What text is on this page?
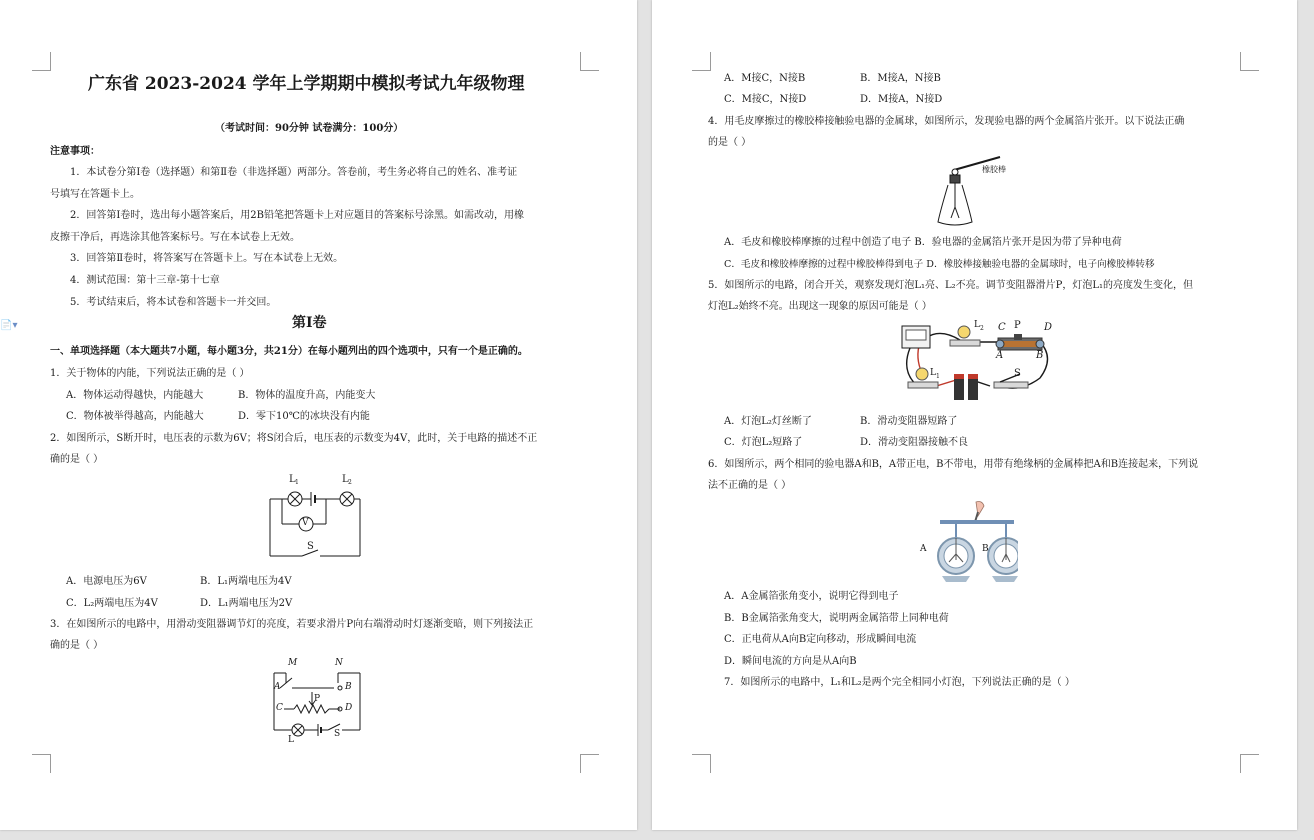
广东省 2023-2024 学年上学期期中模拟考试九年级物理
（考试时间：90分钟 试卷满分：100分）
注意事项：
1．本试卷分第Ⅰ卷（选择题）和第Ⅱ卷（非选择题）两部分。答卷前，考生务必将自己的姓名、准考证
号填写在答题卡上。
2．回答第Ⅰ卷时，选出每小题答案后，用2B铅笔把答题卡上对应题目的答案标号涂黑。如需改动，用橡
皮擦干净后，再选涂其他答案标号。写在本试卷上无效。
3．回答第Ⅱ卷时，将答案写在答题卡上。写在本试卷上无效。
4．测试范围：第十三章-第十七章
5．考试结束后，将本试卷和答题卡一并交回。
第Ⅰ卷
一、单项选择题（本大题共7小题，每小题3分，共21分）在每小题列出的四个选项中，只有一个是正确的。
1．关于物体的内能，下列说法正确的是（ ）
A．物体运动得越快，内能越大	B．物体的温度升高，内能变大
C．物体被举得越高，内能越大	D．零下10℃的冰块没有内能
2．如图所示，S断开时，电压表的示数为6V；将S闭合后，电压表的示数变为4V，此时，关于电路的描述不正
确的是（ ）
L 1	L 2
V
S
A．电源电压为6V	B．L₁两端电压为4V
C．L₂两端电压为4V	D．L₁两端电压为2V
3．在如图所示的电路中，用滑动变阻器调节灯的亮度，若要求滑片P向右端滑动时灯逐渐变暗，则下列接法正
确的是（ ）
M	N
A	B
P
C	D
L
S
📄▾
A．M接C，N接B	B．M接A，N接B
C．M接C，N接D	D．M接A，N接D
4．用毛皮摩擦过的橡胶棒接触验电器的金属球，如图所示，发现验电器的两个金属箔片张开。以下说法正确
的是（ ）
橡胶棒
A．毛皮和橡胶棒摩擦的过程中创造了电子 B．验电器的金属箔片张开是因为带了异种电荷
C．毛皮和橡胶棒摩擦的过程中橡胶棒得到电子 D．橡胶棒接触验电器的金属球时，电子向橡胶棒转移
5．如图所示的电路，闭合开关，观察发现灯泡L₁亮、L₂不亮。调节变阻器滑片P，灯泡L₁的亮度发生变化，但
灯泡L₂始终不亮。出现这一现象的原因可能是（ ）
L 2
L 1
C P D
A	B
S
A．灯泡L₂灯丝断了	B．滑动变阻器短路了
C．灯泡L₂短路了	D．滑动变阻器接触不良
6．如图所示，两个相同的验电器A和B，A带正电，B不带电，用带有绝缘柄的金属棒把A和B连接起来，下列说
法不正确的是（ ）
A	B
A．A金属箔张角变小，说明它得到电子
B．B金属箔张角变大，说明两金属箔带上同种电荷
C．正电荷从A向B定向移动，形成瞬间电流
D．瞬间电流的方向是从A向B
7．如图所示的电路中，L₁和L₂是两个完全相同小灯泡，下列说法正确的是（ ）
